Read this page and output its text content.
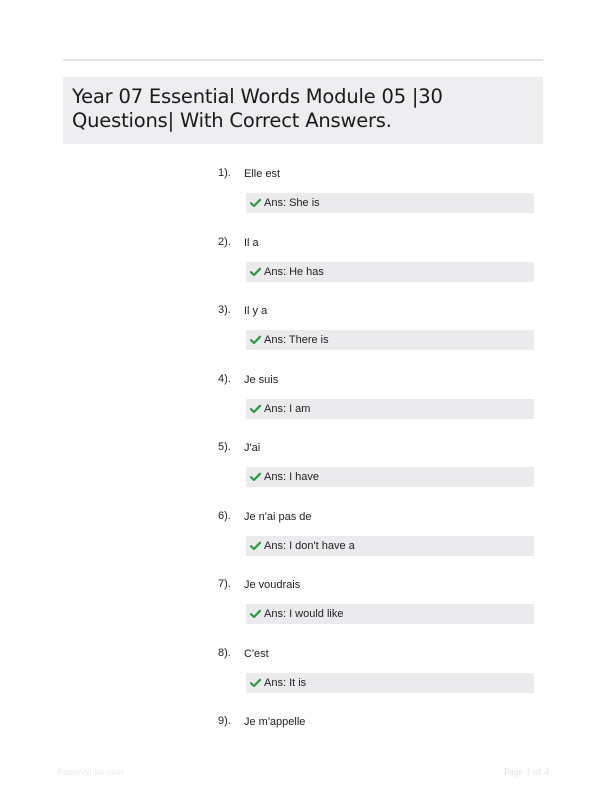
Year 07 Essential Words Module 05 |30 Questions| With Correct Answers.
1). Elle est
Ans: She is
2). Il a
Ans: He has
3). Il y a
Ans: There is
4). Je suis
Ans: I am
5). J'ai
Ans: I have
6). Je n'ai pas de
Ans: I don't have a
7). Je voudrais
Ans: I would like
8). C'est
Ans: It is
9). Je m'appelle
PaperWhite.com	Page 1 of 4
